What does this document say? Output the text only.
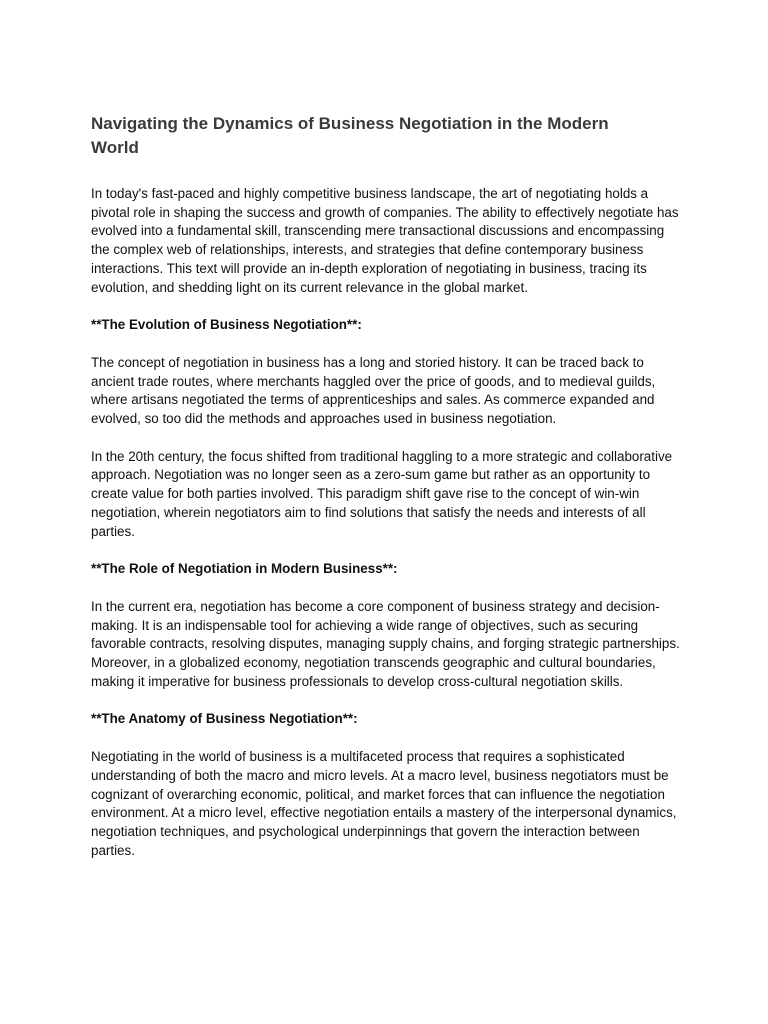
Navigating the Dynamics of Business Negotiation in the Modern World

In today's fast-paced and highly competitive business landscape, the art of negotiating holds a pivotal role in shaping the success and growth of companies. The ability to effectively negotiate has evolved into a fundamental skill, transcending mere transactional discussions and encompassing the complex web of relationships, interests, and strategies that define contemporary business interactions. This text will provide an in-depth exploration of negotiating in business, tracing its evolution, and shedding light on its current relevance in the global market.

**The Evolution of Business Negotiation**:

The concept of negotiation in business has a long and storied history. It can be traced back to ancient trade routes, where merchants haggled over the price of goods, and to medieval guilds, where artisans negotiated the terms of apprenticeships and sales. As commerce expanded and evolved, so too did the methods and approaches used in business negotiation.

In the 20th century, the focus shifted from traditional haggling to a more strategic and collaborative approach. Negotiation was no longer seen as a zero-sum game but rather as an opportunity to create value for both parties involved. This paradigm shift gave rise to the concept of win-win negotiation, wherein negotiators aim to find solutions that satisfy the needs and interests of all parties.

**The Role of Negotiation in Modern Business**:

In the current era, negotiation has become a core component of business strategy and decision-making. It is an indispensable tool for achieving a wide range of objectives, such as securing favorable contracts, resolving disputes, managing supply chains, and forging strategic partnerships. Moreover, in a globalized economy, negotiation transcends geographic and cultural boundaries, making it imperative for business professionals to develop cross-cultural negotiation skills.

**The Anatomy of Business Negotiation**:

Negotiating in the world of business is a multifaceted process that requires a sophisticated understanding of both the macro and micro levels. At a macro level, business negotiators must be cognizant of overarching economic, political, and market forces that can influence the negotiation environment. At a micro level, effective negotiation entails a mastery of the interpersonal dynamics, negotiation techniques, and psychological underpinnings that govern the interaction between parties.
